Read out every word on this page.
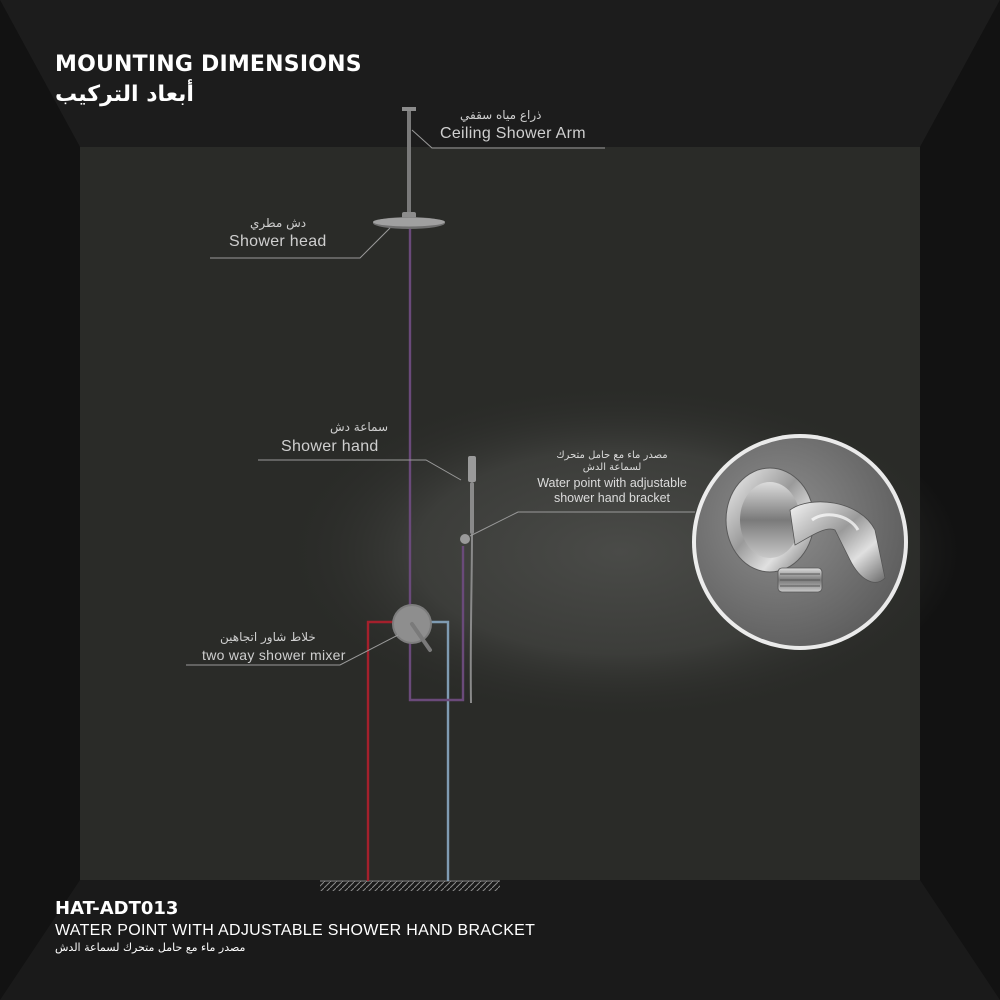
MOUNTING DIMENSIONS
أبعاد التركيب
ذراع مياه سقفي
Ceiling Shower Arm
دش مطري
Shower head
سماعة دش
Shower hand
مصدر ماء مع حامل متحرك
لسماعة الدش
Water point with adjustable
shower hand bracket
خلاط شاور اتجاهين
two way shower mixer
HAT-ADT013
WATER POINT WITH ADJUSTABLE SHOWER HAND BRACKET
مصدر ماء مع حامل متحرك لسماعة الدش
